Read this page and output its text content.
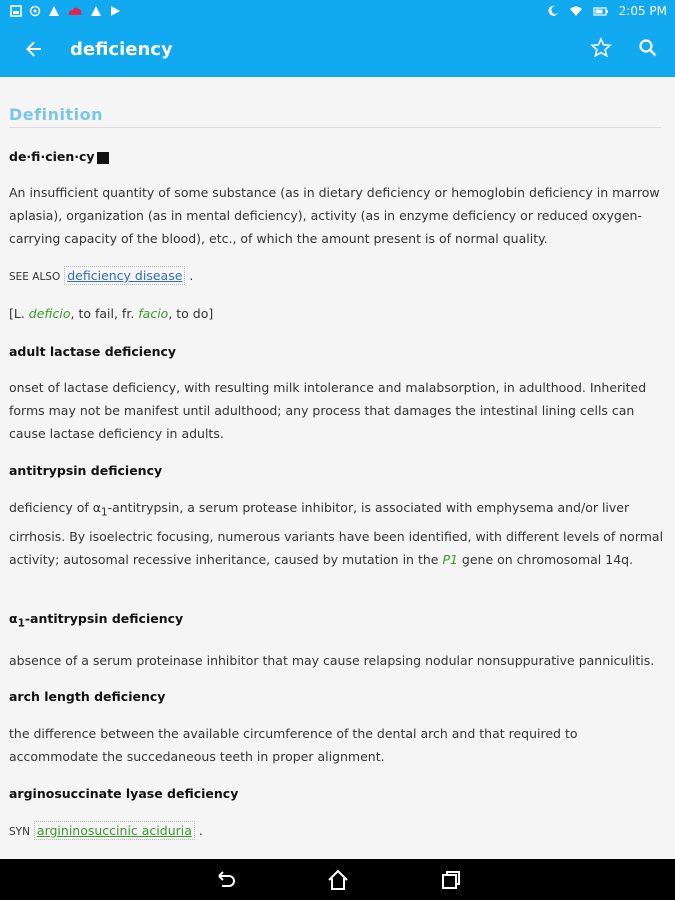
2:05 PM
deficiency
Definition
de·fi·cien·cy
An insufficient quantity of some substance (as in dietary deficiency or hemoglobin deficiency in marrow aplasia), organization (as in mental deficiency), activity (as in enzyme deficiency or reduced oxygen-carrying capacity of the blood), etc., of which the amount present is of normal quality.
SEE ALSO deficiency disease .
[L. deficio, to fail, fr. facio, to do]
adult lactase deficiency
onset of lactase deficiency, with resulting milk intolerance and malabsorption, in adulthood. Inherited forms may not be manifest until adulthood; any process that damages the intestinal lining cells can cause lactase deficiency in adults.
antitrypsin deficiency
deficiency of $\alpha_1$-antitrypsin, a serum protease inhibitor, is associated with emphysema and/or liver cirrhosis. By isoelectric focusing, numerous variants have been identified, with different levels of normal activity; autosomal recessive inheritance, caused by mutation in the P1 gene on chromosomal 14q.
$\alpha_1$-antitrypsin deficiency
absence of a serum proteinase inhibitor that may cause relapsing nodular nonsuppurative panniculitis.
arch length deficiency
the difference between the available circumference of the dental arch and that required to accommodate the succedaneous teeth in proper alignment.
arginosuccinate lyase deficiency
SYN argininosuccinic aciduria .
